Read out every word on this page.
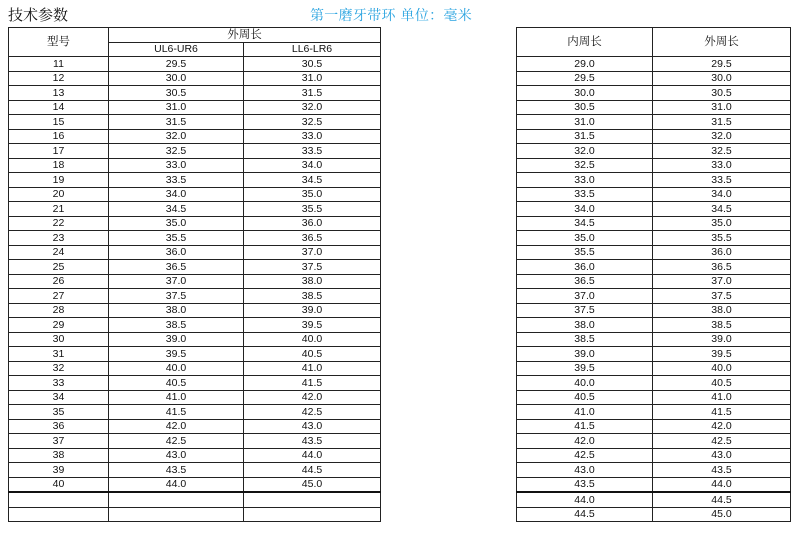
技术参数	第一磨牙带环 单位：毫米
型号	外周长	
	UL6-UR6	LL6-LR6
11	29.5	30.5
12	30.0	31.0
13	30.5	31.5
14	31.0	32.0
15	31.5	32.5
16	32.0	33.0
17	32.5	33.5
18	33.0	34.0
19	33.5	34.5
20	34.0	35.0
21	34.5	35.5
22	35.0	36.0
23	35.5	36.5
24	36.0	37.0
25	36.5	37.5
26	37.0	38.0
27	37.5	38.5
28	38.0	39.0
29	38.5	39.5
30	39.0	40.0
31	39.5	40.5
32	40.0	41.0
33	40.5	41.5
34	41.0	42.0
35	41.5	42.5
36	42.0	43.0
37	42.5	43.5
38	43.0	44.0
39	43.5	44.5
40	44.0	45.0

内周长	外周长
29.0	29.5
29.5	30.0
30.0	30.5
30.5	31.0
31.0	31.5
31.5	32.0
32.0	32.5
32.5	33.0
33.0	33.5
33.5	34.0
34.0	34.5
34.5	35.0
35.0	35.5
35.5	36.0
36.0	36.5
36.5	37.0
37.0	37.5
37.5	38.0
38.0	38.5
38.5	39.0
39.0	39.5
39.5	40.0
40.0	40.5
40.5	41.0
41.0	41.5
41.5	42.0
42.0	42.5
42.5	43.0
43.0	43.5
43.5	44.0
44.0	44.5
44.5	45.0
